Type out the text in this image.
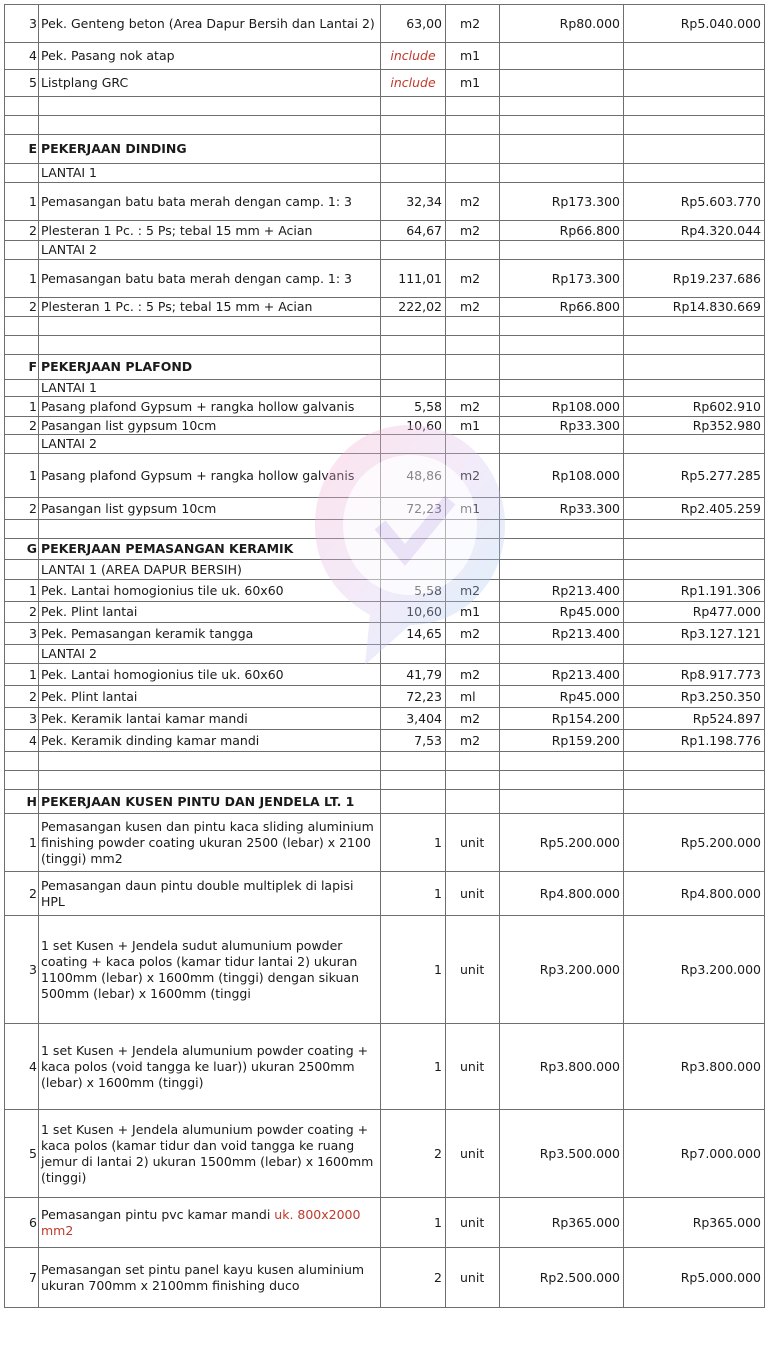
3	Pek. Genteng beton (Area Dapur Bersih dan Lantai 2)	63,00	m2	Rp80.000	Rp5.040.000
4	Pek. Pasang nok atap	include	m1		
5	Listplang GRC	include	m1		

E	PEKERJAAN DINDING				
	LANTAI 1				
1	Pemasangan batu bata merah dengan camp. 1: 3	32,34	m2	Rp173.300	Rp5.603.770
2	Plesteran 1 Pc. : 5 Ps; tebal 15 mm + Acian	64,67	m2	Rp66.800	Rp4.320.044
	LANTAI 2				
1	Pemasangan batu bata merah dengan camp. 1: 3	111,01	m2	Rp173.300	Rp19.237.686
2	Plesteran 1 Pc. : 5 Ps; tebal 15 mm + Acian	222,02	m2	Rp66.800	Rp14.830.669

F	PEKERJAAN PLAFOND				
	LANTAI 1				
1	Pasang plafond Gypsum + rangka hollow galvanis	5,58	m2	Rp108.000	Rp602.910
2	Pasangan list gypsum 10cm	10,60	m1	Rp33.300	Rp352.980
	LANTAI 2				
1	Pasang plafond Gypsum + rangka hollow galvanis	48,86	m2	Rp108.000	Rp5.277.285
2	Pasangan list gypsum 10cm	72,23	m1	Rp33.300	Rp2.405.259

G	PEKERJAAN PEMASANGAN KERAMIK				
	LANTAI 1 (AREA DAPUR BERSIH)				
1	Pek. Lantai homogionius tile uk. 60x60	5,58	m2	Rp213.400	Rp1.191.306
2	Pek. Plint lantai	10,60	m1	Rp45.000	Rp477.000
3	Pek. Pemasangan keramik tangga	14,65	m2	Rp213.400	Rp3.127.121
	LANTAI 2				
1	Pek. Lantai homogionius tile uk. 60x60	41,79	m2	Rp213.400	Rp8.917.773
2	Pek. Plint lantai	72,23	ml	Rp45.000	Rp3.250.350
3	Pek. Keramik lantai kamar mandi	3,404	m2	Rp154.200	Rp524.897
4	Pek. Keramik dinding kamar mandi	7,53	m2	Rp159.200	Rp1.198.776

H	PEKERJAAN KUSEN PINTU DAN JENDELA LT. 1				
1	Pemasangan kusen dan pintu kaca sliding aluminium finishing powder coating ukuran 2500 (lebar) x 2100 (tinggi) mm2	1	unit	Rp5.200.000	Rp5.200.000
2	Pemasangan daun pintu double multiplek di lapisi HPL	1	unit	Rp4.800.000	Rp4.800.000
3	1 set Kusen + Jendela sudut alumunium powder coating + kaca polos (kamar tidur lantai 2) ukuran 1100mm (lebar) x 1600mm (tinggi) dengan sikuan 500mm (lebar) x 1600mm (tinggi	1	unit	Rp3.200.000	Rp3.200.000
4	1 set Kusen + Jendela alumunium powder coating + kaca polos (void tangga ke luar)) ukuran 2500mm (lebar) x 1600mm (tinggi)	1	unit	Rp3.800.000	Rp3.800.000
5	1 set Kusen + Jendela alumunium powder coating + kaca polos (kamar tidur dan void tangga ke ruang jemur di lantai 2) ukuran 1500mm (lebar) x 1600mm (tinggi)	2	unit	Rp3.500.000	Rp7.000.000
6	Pemasangan pintu pvc kamar mandi uk. 800x2000 mm2	1	unit	Rp365.000	Rp365.000
7	Pemasangan set pintu panel kayu kusen aluminium ukuran 700mm x 2100mm finishing duco	2	unit	Rp2.500.000	Rp5.000.000
